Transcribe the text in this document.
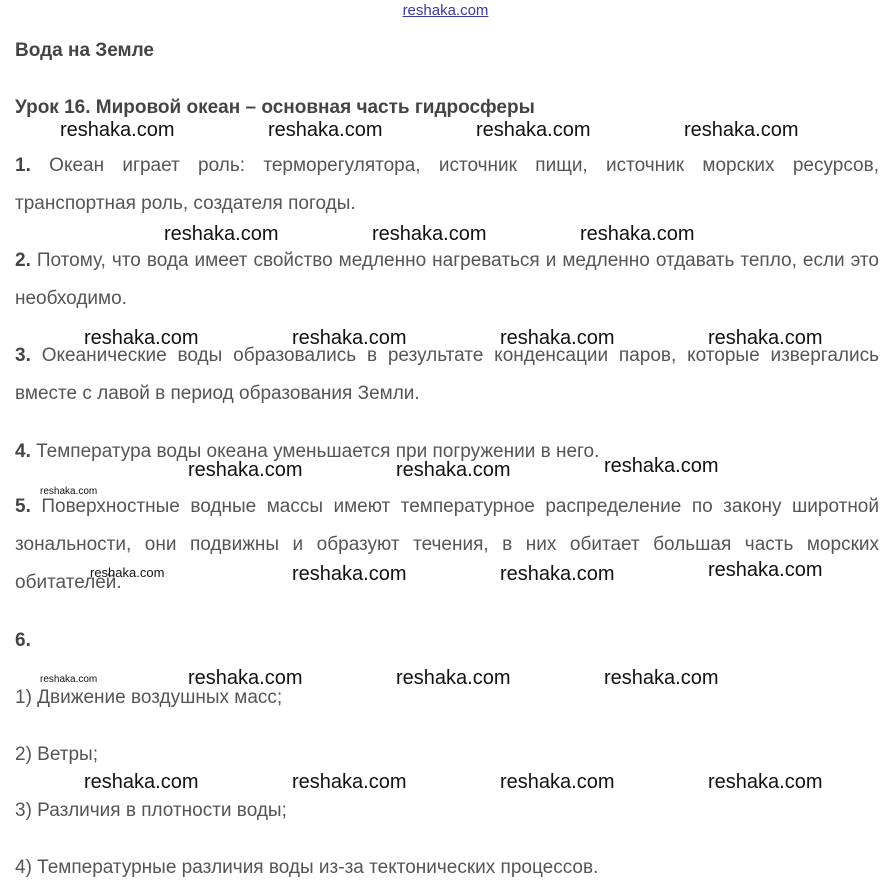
reshaka.com
Вода на Земле
Урок 16. Мировой океан – основная часть гидросферы
1. Океан играет роль: терморегулятора, источник пищи, источник морских ресурсов, транспортная роль, создателя погоды.
2. Потому, что вода имеет свойство медленно нагреваться и медленно отдавать тепло, если это необходимо.
3. Океанические воды образовались в результате конденсации паров, которые извергались вместе с лавой в период образования Земли.
4. Температура воды океана уменьшается при погружении в него.
5. Поверхностные водные массы имеют температурное распределение по закону широтной зональности, они подвижны и образуют течения, в них обитает большая часть морских обитателей.
6.
1) Движение воздушных масс;
2) Ветры;
3) Различия в плотности воды;
4) Температурные различия воды из-за тектонических процессов.
reshaka.com	reshaka.com	reshaka.com	reshaka.com
reshaka.com	reshaka.com	reshaka.com
reshaka.com	reshaka.com	reshaka.com	reshaka.com
reshaka.com	reshaka.com	reshaka.com
reshaka.com
reshaka.com	reshaka.com	reshaka.com
reshaka.com
reshaka.com	reshaka.com	reshaka.com	reshaka.com
reshaka.com	reshaka.com	reshaka.com	reshaka.com
